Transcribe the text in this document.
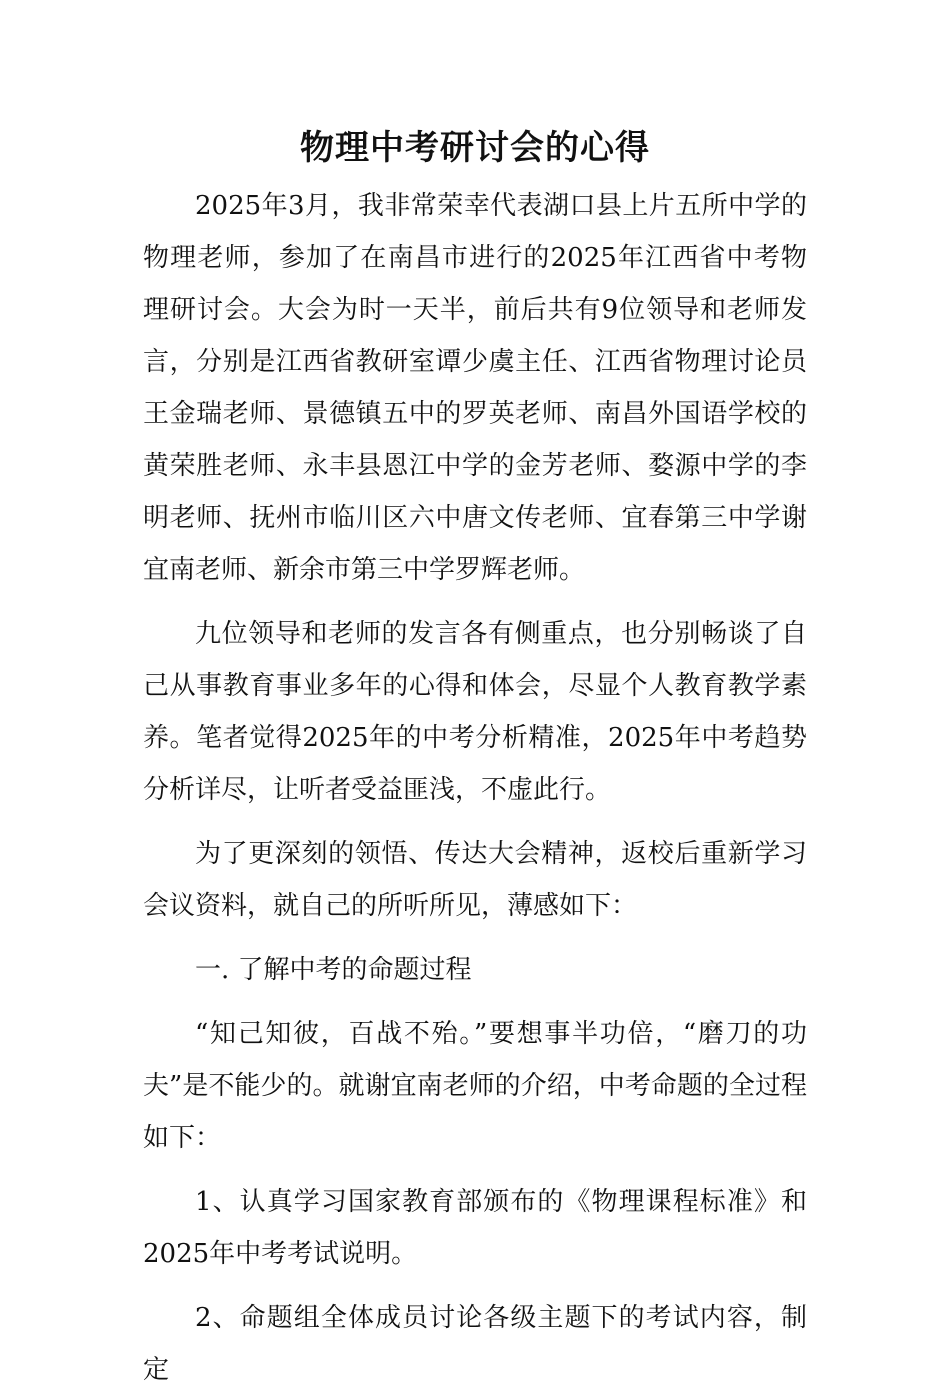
物理中考研讨会的心得

2025年3月，我非常荣幸代表湖口县上片五所中学的物理老师，参加了在南昌市进行的2025年江西省中考物理研讨会。大会为时一天半，前后共有9位领导和老师发言，分别是江西省教研室谭少虞主任、江西省物理讨论员王金瑞老师、景德镇五中的罗英老师、南昌外国语学校的黄荣胜老师、永丰县恩江中学的金芳老师、婺源中学的李明老师、抚州市临川区六中唐文传老师、宜春第三中学谢宜南老师、新余市第三中学罗辉老师。

九位领导和老师的发言各有侧重点，也分别畅谈了自己从事教育事业多年的心得和体会，尽显个人教育教学素养。笔者觉得2025年的中考分析精准，2025年中考趋势分析详尽，让听者受益匪浅，不虚此行。

为了更深刻的领悟、传达大会精神，返校后重新学习会议资料，就自己的所听所见，薄感如下：

一. 了解中考的命题过程

“知己知彼，百战不殆。”要想事半功倍，“磨刀的功夫”是不能少的。就谢宜南老师的介绍，中考命题的全过程如下：

1、认真学习国家教育部颁布的《物理课程标准》和2025年中考考试说明。

2、命题组全体成员讨论各级主题下的考试内容，制定
